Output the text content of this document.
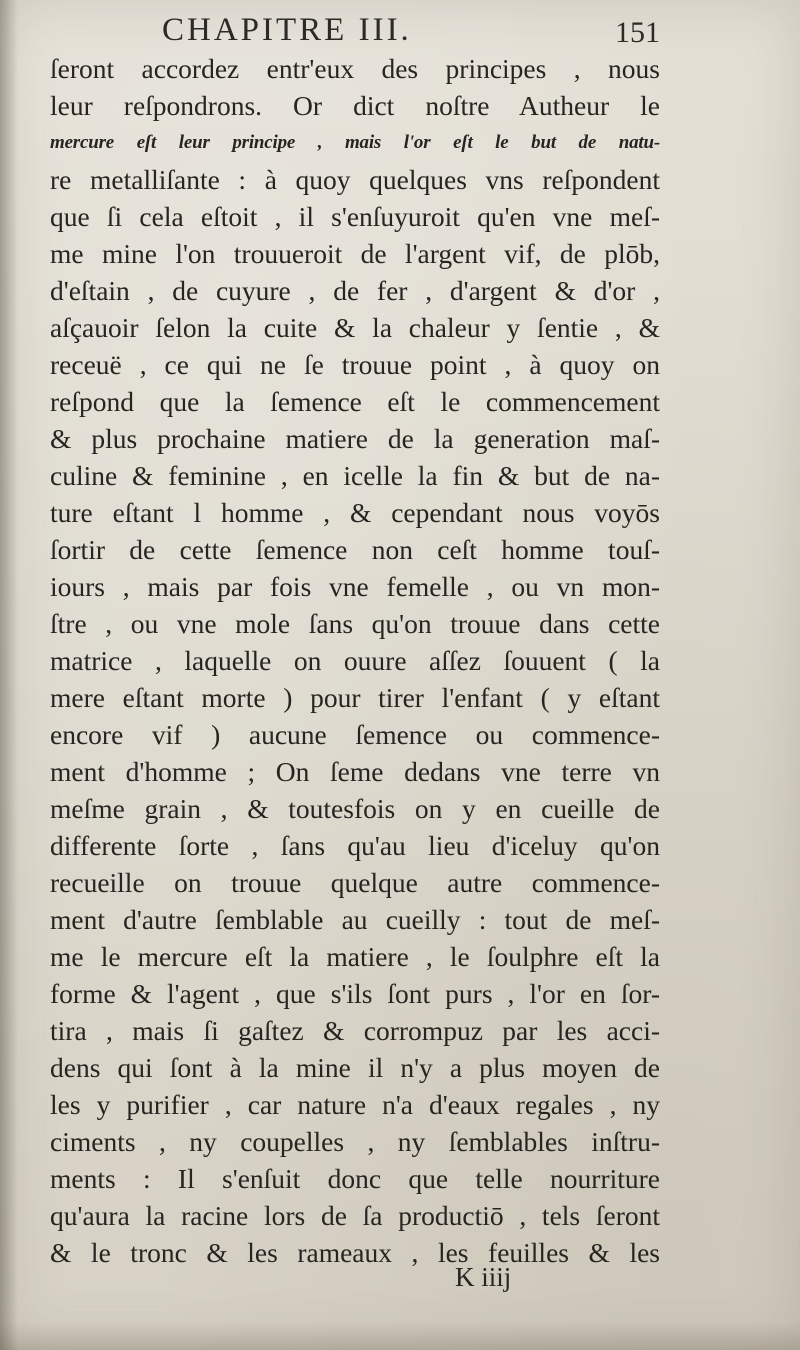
CHAPITRE III.	151
ſeront accordez entr'eux des principes , nous
leur reſpondrons. Or dict noſtre Autheur le
mercure eſt leur principe , mais l'or eſt le but de natu-
re metalliſante : à quoy quelques vns reſpondent
que ſi cela eſtoit , il s'enſuyuroit qu'en vne meſ-
me mine l'on trouueroit de l'argent vif, de plōb,
d'eſtain , de cuyure , de fer , d'argent & d'or ,
aſçauoir ſelon la cuite & la chaleur y ſentie , &
receuë , ce qui ne ſe trouue point , à quoy on
reſpond que la ſemence eſt le commencement
& plus prochaine matiere de la generation maſ-
culine & feminine , en icelle la fin & but de na-
ture eſtant l homme , & cependant nous voyōs
ſortir de cette ſemence non ceſt homme touſ-
iours , mais par fois vne femelle , ou vn mon-
ſtre , ou vne mole ſans qu'on trouue dans cette
matrice , laquelle on ouure aſſez ſouuent ( la
mere eſtant morte ) pour tirer l'enfant ( y eſtant
encore vif ) aucune ſemence ou commence-
ment d'homme ; On ſeme dedans vne terre vn
meſme grain , & toutesfois on y en cueille de
differente ſorte , ſans qu'au lieu d'iceluy qu'on
recueille on trouue quelque autre commence-
ment d'autre ſemblable au cueilly : tout de meſ-
me le mercure eſt la matiere , le ſoulphre eſt la
forme & l'agent , que s'ils ſont purs , l'or en ſor-
tira , mais ſi gaſtez & corrompuz par les acci-
dens qui ſont à la mine il n'y a plus moyen de
les y purifier , car nature n'a d'eaux regales , ny
ciments , ny coupelles , ny ſemblables inſtru-
ments : Il s'enſuit donc que telle nourriture
qu'aura la racine lors de ſa productiō , tels ſeront
& le tronc & les rameaux , les feuilles & les
K iiij
